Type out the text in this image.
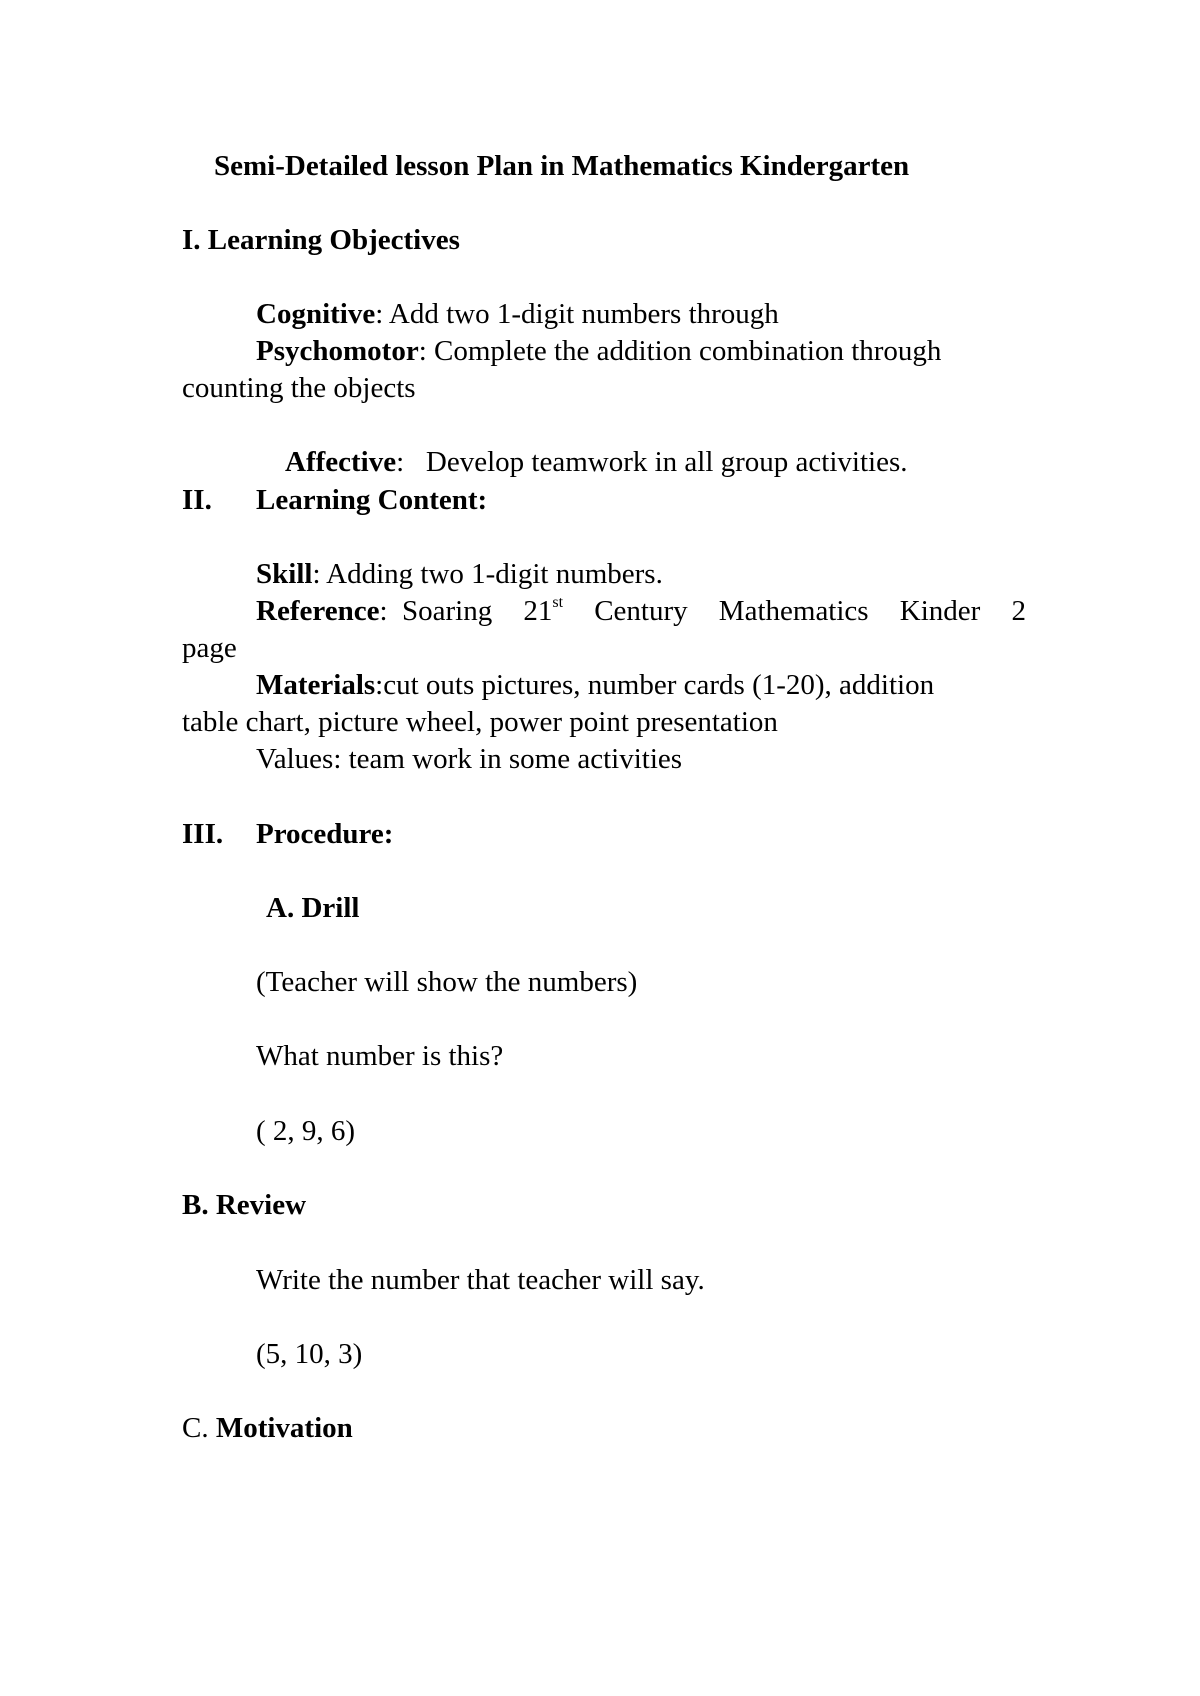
Semi-Detailed lesson Plan in Mathematics Kindergarten
I. Learning Objectives
Cognitive: Add two 1-digit numbers through
Psychomotor: Complete the addition combination through
counting the objects

Affective:   Develop teamwork in all group activities.

II. Learning Content:
Skill: Adding two 1-digit numbers.
Reference:  Soaring 21st Century Mathematics Kinder 2
page
Materials:cut outs pictures, number cards (1-20), addition
table chart, picture wheel, power point presentation
Values: team work in some activities
III. Procedure:
A. Drill
(Teacher will show the numbers)
What number is this?
( 2, 9, 6)
B. Review
Write the number that teacher will say.
(5, 10, 3)
C. Motivation
